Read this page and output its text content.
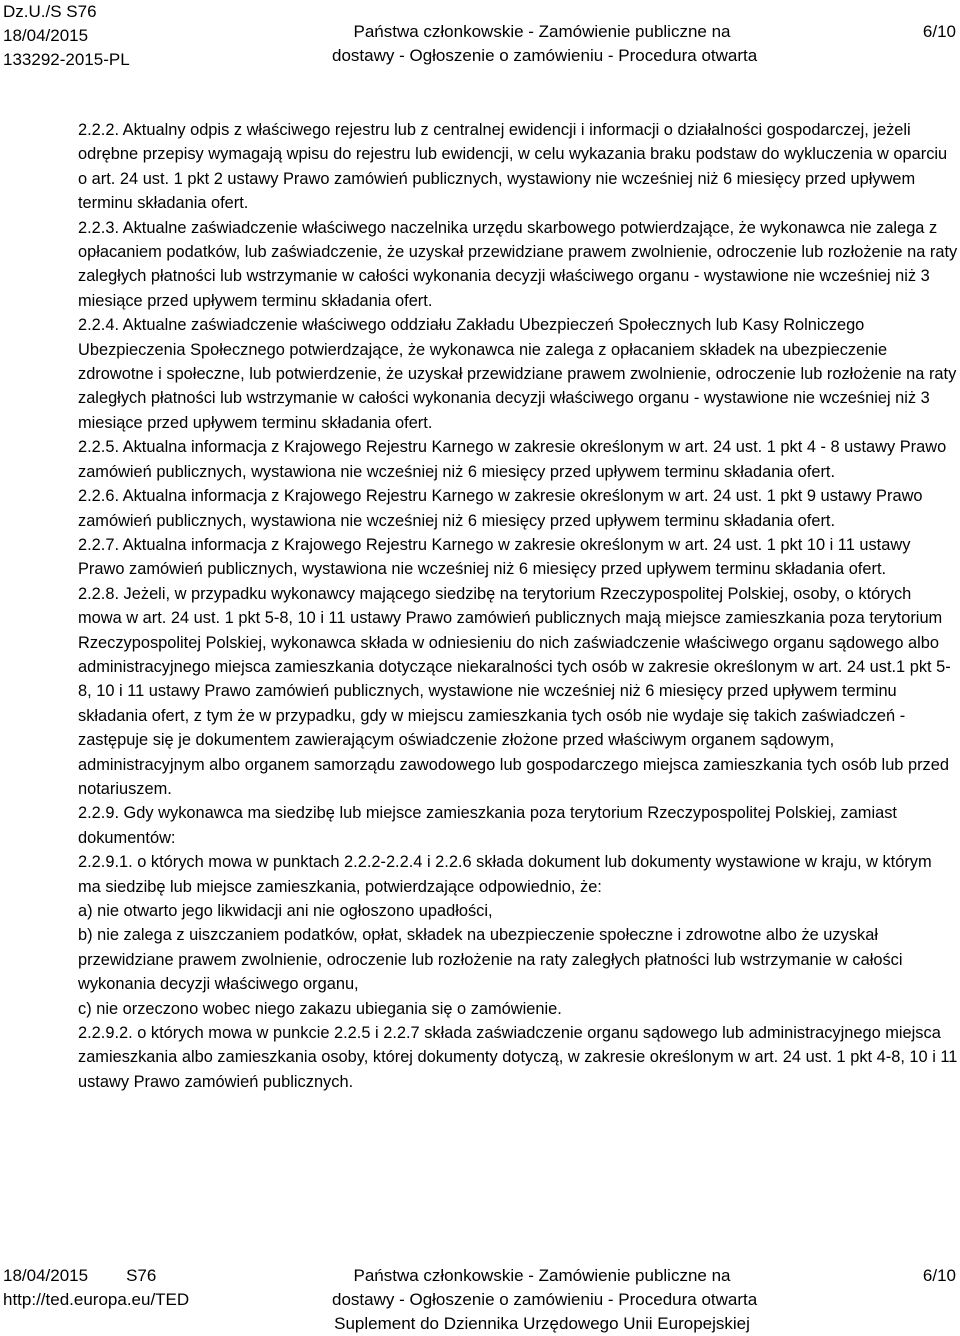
Dz.U./S S76
18/04/2015
133292-2015-PL
Państwa członkowskie - Zamówienie publiczne na
dostawy - Ogłoszenie o zamówieniu - Procedura otwarta
6/10

2.2.2. Aktualny odpis z właściwego rejestru lub z centralnej ewidencji i informacji o działalności gospodarczej, jeżeli odrębne przepisy wymagają wpisu do rejestru lub ewidencji, w celu wykazania braku podstaw do wykluczenia w oparciu o art. 24 ust. 1 pkt 2 ustawy Prawo zamówień publicznych, wystawiony nie wcześniej niż 6 miesięcy przed upływem terminu składania ofert.

2.2.3. Aktualne zaświadczenie właściwego naczelnika urzędu skarbowego potwierdzające, że wykonawca nie zalega z opłacaniem podatków, lub zaświadczenie, że uzyskał przewidziane prawem zwolnienie, odroczenie lub rozłożenie na raty zaległych płatności lub wstrzymanie w całości wykonania decyzji właściwego organu - wystawione nie wcześniej niż 3 miesiące przed upływem terminu składania ofert.

2.2.4. Aktualne zaświadczenie właściwego oddziału Zakładu Ubezpieczeń Społecznych lub Kasy Rolniczego Ubezpieczenia Społecznego potwierdzające, że wykonawca nie zalega z opłacaniem składek na ubezpieczenie zdrowotne i społeczne, lub potwierdzenie, że uzyskał przewidziane prawem zwolnienie, odroczenie lub rozłożenie na raty zaległych płatności lub wstrzymanie w całości wykonania decyzji właściwego organu - wystawione nie wcześniej niż 3 miesiące przed upływem terminu składania ofert.

2.2.5. Aktualna informacja z Krajowego Rejestru Karnego w zakresie określonym w art. 24 ust. 1 pkt 4 - 8 ustawy Prawo zamówień publicznych, wystawiona nie wcześniej niż 6 miesięcy przed upływem terminu składania ofert.

2.2.6. Aktualna informacja z Krajowego Rejestru Karnego w zakresie określonym w art. 24 ust. 1 pkt 9 ustawy Prawo zamówień publicznych, wystawiona nie wcześniej niż 6 miesięcy przed upływem terminu składania ofert.

2.2.7. Aktualna informacja z Krajowego Rejestru Karnego w zakresie określonym w art. 24 ust. 1 pkt 10 i 11 ustawy Prawo zamówień publicznych, wystawiona nie wcześniej niż 6 miesięcy przed upływem terminu składania ofert.

2.2.8. Jeżeli, w przypadku wykonawcy mającego siedzibę na terytorium Rzeczypospolitej Polskiej, osoby, o których mowa w art. 24 ust. 1 pkt 5-8, 10 i 11 ustawy Prawo zamówień publicznych mają miejsce zamieszkania poza terytorium Rzeczypospolitej Polskiej, wykonawca składa w odniesieniu do nich zaświadczenie właściwego organu sądowego albo administracyjnego miejsca zamieszkania dotyczące niekaralności tych osób w zakresie określonym w art. 24 ust.1 pkt 5-8, 10 i 11 ustawy Prawo zamówień publicznych, wystawione nie wcześniej niż 6 miesięcy przed upływem terminu składania ofert, z tym że w przypadku, gdy w miejscu zamieszkania tych osób nie wydaje się takich zaświadczeń - zastępuje się je dokumentem zawierającym oświadczenie złożone przed właściwym organem sądowym, administracyjnym albo organem samorządu zawodowego lub gospodarczego miejsca zamieszkania tych osób lub przed notariuszem.

2.2.9. Gdy wykonawca ma siedzibę lub miejsce zamieszkania poza terytorium Rzeczypospolitej Polskiej, zamiast dokumentów:

2.2.9.1. o których mowa w punktach 2.2.2-2.2.4 i 2.2.6 składa dokument lub dokumenty wystawione w kraju, w którym ma siedzibę lub miejsce zamieszkania, potwierdzające odpowiednio, że:

a) nie otwarto jego likwidacji ani nie ogłoszono upadłości,

b) nie zalega z uiszczaniem podatków, opłat, składek na ubezpieczenie społeczne i zdrowotne albo że uzyskał przewidziane prawem zwolnienie, odroczenie lub rozłożenie na raty zaległych płatności lub wstrzymanie w całości wykonania decyzji właściwego organu,

c) nie orzeczono wobec niego zakazu ubiegania się o zamówienie.

2.2.9.2. o których mowa w punkcie 2.2.5 i 2.2.7 składa zaświadczenie organu sądowego lub administracyjnego miejsca zamieszkania albo zamieszkania osoby, której dokumenty dotyczą, w zakresie określonym w art. 24 ust. 1 pkt 4-8, 10 i 11 ustawy Prawo zamówień publicznych.

18/04/2015 S76
http://ted.europa.eu/TED
Państwa członkowskie - Zamówienie publiczne na
dostawy - Ogłoszenie o zamówieniu - Procedura otwarta
Suplement do Dziennika Urzędowego Unii Europejskiej
6/10
